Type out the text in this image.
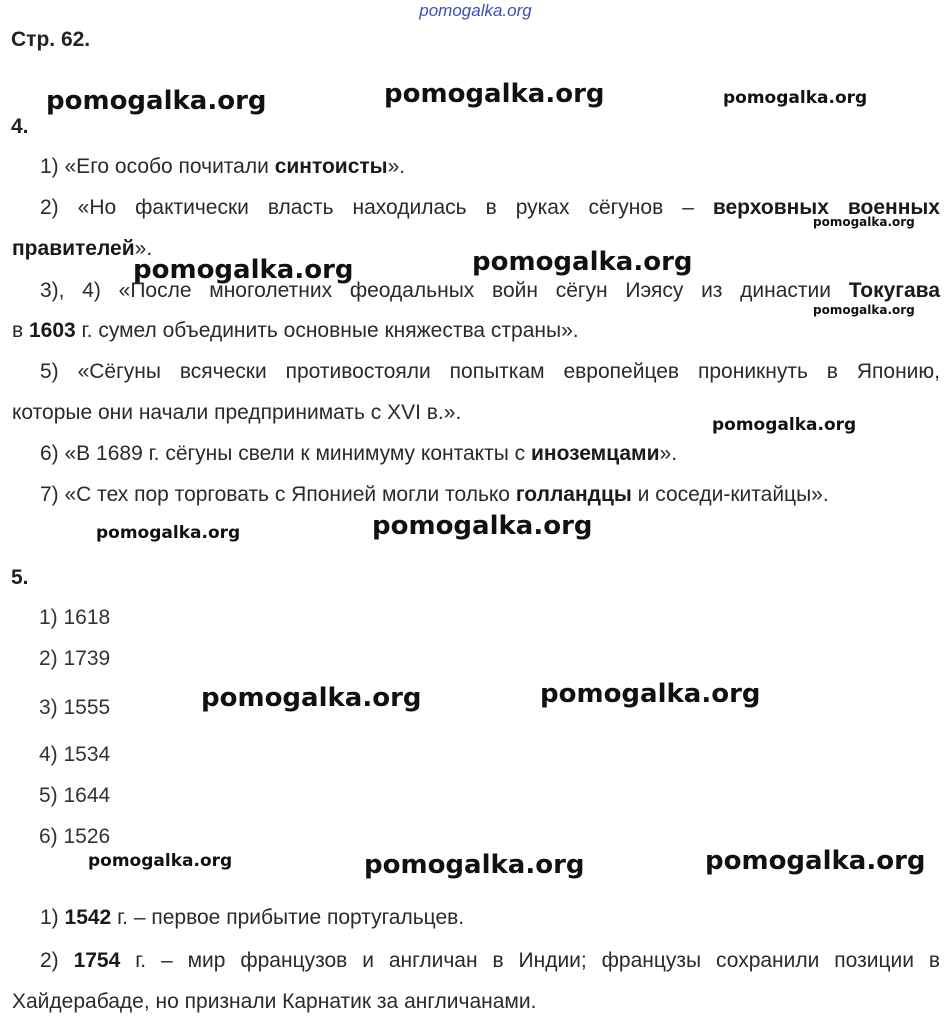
pomogalka.org
Стр. 62.
pomogalka.org	pomogalka.org	pomogalka.org
pomogalka.org
pomogalka.org	pomogalka.org
pomogalka.org
pomogalka.org
pomogalka.org	pomogalka.org
pomogalka.org	pomogalka.org
pomogalka.org	pomogalka.org	pomogalka.org
4.
1) «Его особо почитали синтоисты».
2) «Но фактически власть находилась в руках сёгунов – верховных военных
правителей».
3), 4) «После многолетних феодальных войн сёгун Иэясу из династии Токугава
в 1603 г. сумел объединить основные княжества страны».
5) «Сёгуны всячески противостояли попыткам европейцев проникнуть в Японию,
которые они начали предпринимать с XVI в.».
6) «В 1689 г. сёгуны свели к минимуму контакты с иноземцами».
7) «С тех пор торговать с Японией могли только голландцы и соседи-китайцы».
5.
1) 1618
2) 1739
3) 1555
4) 1534
5) 1644
6) 1526
1) 1542 г. – первое прибытие португальцев.
2) 1754 г. – мир французов и англичан в Индии; французы сохранили позиции в
Хайдерабаде, но признали Карнатик за англичанами.
